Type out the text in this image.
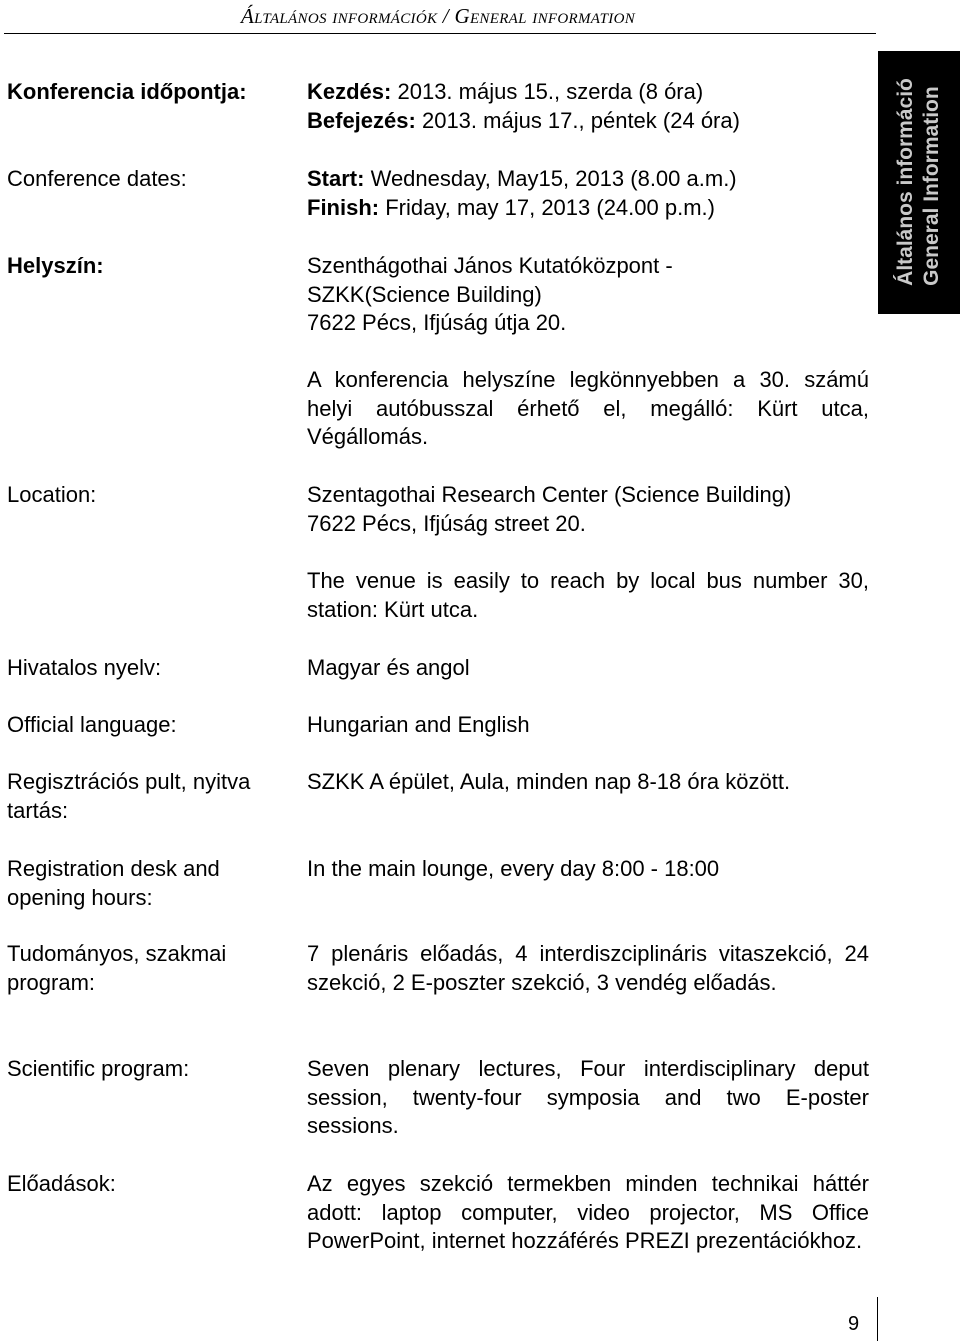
Általános információk / General information
Általános információ General Information
Konferencia időpontja:	Kezdés: 2013. május 15., szerda (8 óra)
Befejezés: 2013. május 17., péntek (24 óra)
Conference dates:	Start: Wednesday, May15, 2013 (8.00 a.m.)
Finish: Friday, may 17, 2013 (24.00 p.m.)
Helyszín:	Szenthágothai János Kutatóközpont -
SZKK(Science Building)
7622 Pécs, Ifjúság útja 20.
A konferencia helyszíne legkönnyebben a 30. számú helyi autóbusszal érhető el, megálló: Kürt utca, Végállomás.
Location:	Szentagothai Research Center (Science Building)
7622 Pécs, Ifjúság street 20.
The venue is easily to reach by local bus number 30, station: Kürt utca.
Hivatalos nyelv:	Magyar és angol
Official language:	Hungarian and English
Regisztrációs pult, nyitva tartás:
SZKK A épület, Aula, minden nap 8-18 óra között.
Registration desk and opening hours:
In the main lounge, every day 8:00 - 18:00
Tudományos, szakmai program:
7 plenáris előadás, 4 interdiszciplináris vitaszekció, 24 szekció, 2 E-poszter szekció, 3 vendég előadás.
Scientific program:	Seven plenary lectures, Four interdisciplinary deput session, twenty-four symposia and two E-poster sessions.
Előadások:	Az egyes szekció termekben minden technikai háttér adott: laptop computer, video projector, MS Office PowerPoint, internet hozzáférés PREZI prezentációkhoz.
9
